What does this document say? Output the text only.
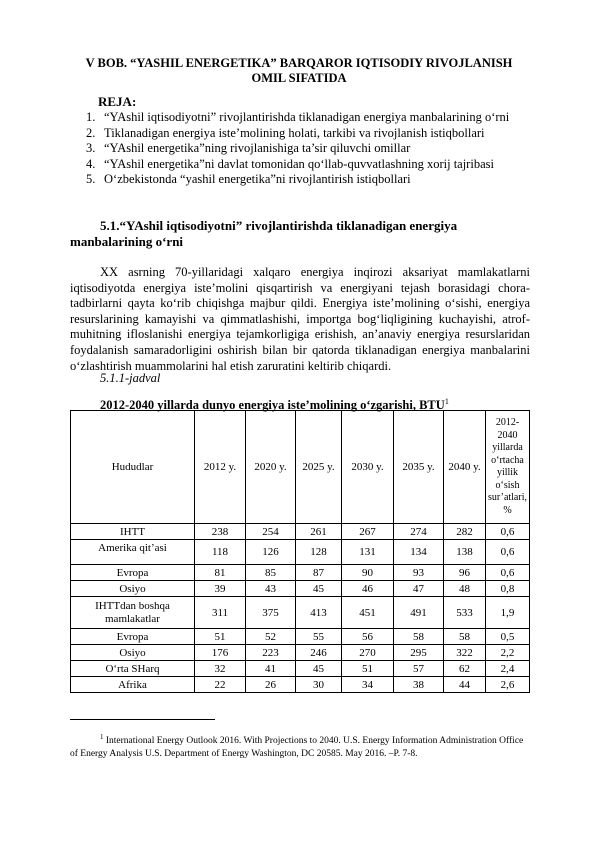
V BOB. “YASHIL ENERGETIKA” BARQAROR IQTISODIY RIVOJLANISH OMIL SIFATIDA
REJA:
1. “YAshil iqtisodiyotni” rivojlantirishda tiklanadigan energiya manbalarining o‘rni
2. Tiklanadigan energiya iste’molining holati, tarkibi va rivojlanish istiqbollari
3. “YAshil energetika”ning rivojlanishiga ta’sir qiluvchi omillar
4. “YAshil energetika”ni davlat tomonidan qo‘llab-quvvatlashning xorij tajribasi
5. O‘zbekistonda “yashil energetika”ni rivojlantirish istiqbollari
5.1.“YAshil iqtisodiyotni” rivojlantirishda tiklanadigan energiya manbalarining o‘rni

XX asrning 70-yillaridagi xalqaro energiya inqirozi aksariyat mamlakatlarni iqtisodiyotda energiya iste’molini qisqartirish va energiyani tejash borasidagi chora-tadbirlarni qayta ko‘rib chiqishga majbur qildi. Energiya iste’molining o‘sishi, energiya resurslarining kamayishi va qimmatlashishi, importga bog‘liqligining kuchayishi, atrof-muhitning ifloslanishi energiya tejamkorligiga erishish, an’anaviy energiya resurslaridan foydalanish samaradorligini oshirish bilan bir qatorda tiklanadigan energiya manbalarini o‘zlashtirish muammolarini hal etish zaruratini keltirib chiqardi.

5.1.1-jadval
2012-2040 yillarda dunyo energiya iste’molining o‘zgarishi, BTU$^1$
Hududlar	2012 y.	2020 y.	2025 y.	2030 y.	2035 y.	2040 y.	2012-2040 yillarda o‘rtacha yillik o‘sish sur’atlari, %
IHTT	238	254	261	267	274	282	0,6

Amerika qit’asi	118	126	128	131	134	138	0,6
Evropa	81	85	87	90	93	96	0,6
Osiyo	39	43	45	46	47	48	0,8
IHTTdan boshqa mamlakatlar	311	375	413	451	491	533	1,9
Evropa	51	52	55	56	58	58	0,5
Osiyo	176	223	246	270	295	322	2,2
O‘rta SHarq	32	41	45	51	57	62	2,4
Afrika	22	26	30	34	38	44	2,6
$^1$ International Energy Outlook 2016. With Projections to 2040. U.S. Energy Information Administration Office of Energy Analysis U.S. Department of Energy Washington, DC 20585. May 2016. –P. 7-8.
